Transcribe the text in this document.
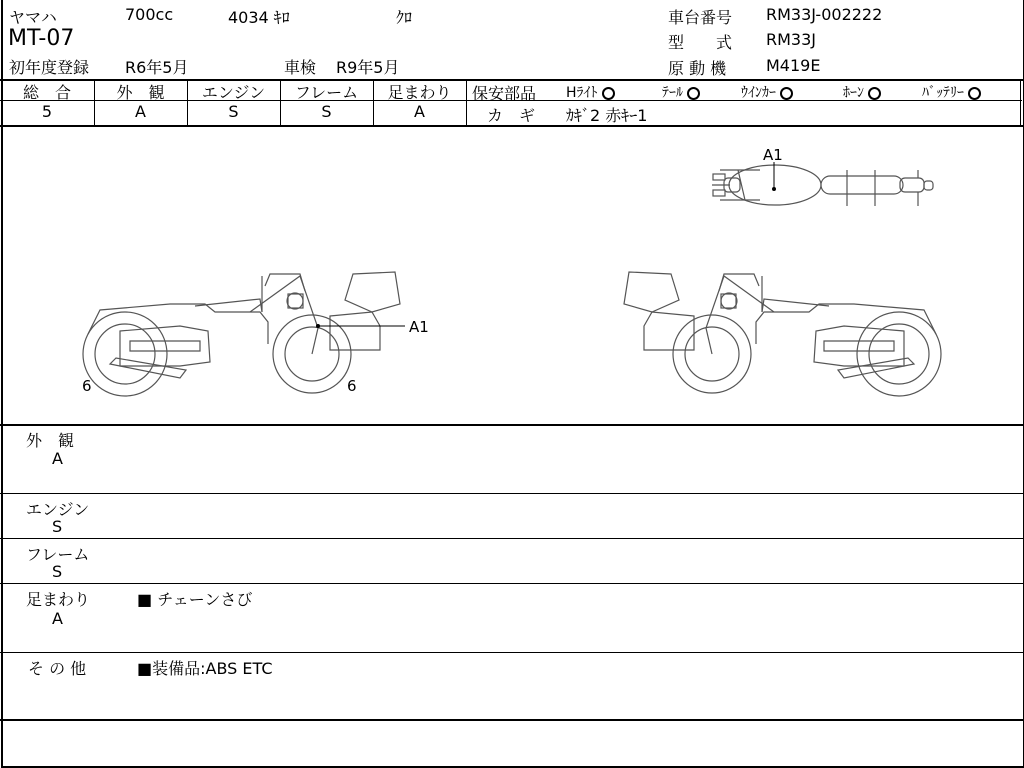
ヤマハ	700cc	4034 ｷﾛ	ｸﾛ
MT-07
初年度登録 R6年5月	車検 R9年5月
車台番号 RM33J-002222
型　　式 RM33J
原 動 機 M419E
総　合
5
外　観
A
エンジン
S
フレーム
S
足まわり
A
保安部品 Hﾗｲﾄ	ﾃｰﾙ	ｳｲﾝｶｰ	ﾎｰﾝ	ﾊﾞｯﾃﾘｰ
カ　ギ ｶｷﾞ2 赤ｷｰ1
A1
A1
6	6
外　観
A
エンジン
S
フレーム
S
足まわり
A
■ チェーンさび
そ の 他	■装備品:ABS ETC
